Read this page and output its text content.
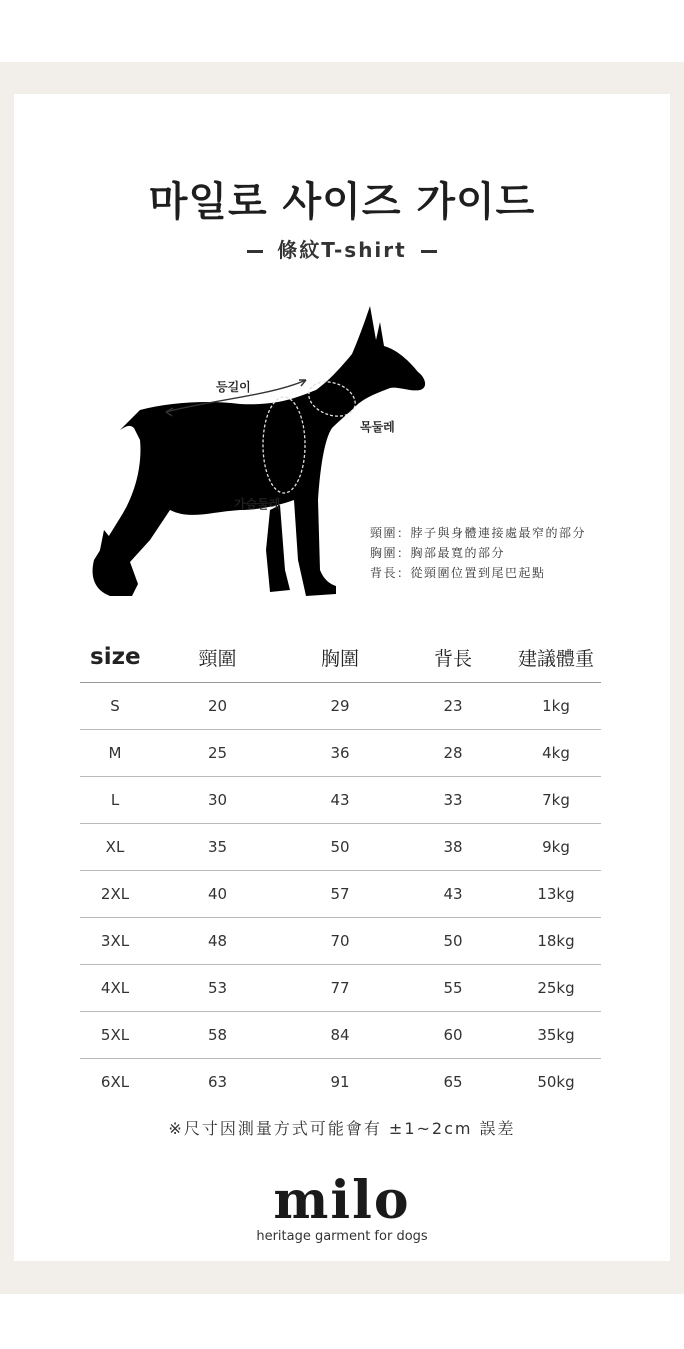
마일로 사이즈 가이드
條紋T-shirt
등길이
목둘레
가슴둘레
頸圍：脖子與身體連接處最窄的部分
胸圍：胸部最寬的部分
背長：從頸圍位置到尾巴起點
size	頸圍	胸圍	背長	建議體重
S	20	29	23	1kg
M	25	36	28	4kg
L	30	43	33	7kg
XL	35	50	38	9kg
2XL	40	57	43	13kg
3XL	48	70	50	18kg
4XL	53	77	55	25kg
5XL	58	84	60	35kg
6XL	63	91	65	50kg
※尺寸因測量方式可能會有 ±1~2cm 誤差
milo
heritage garment for dogs
